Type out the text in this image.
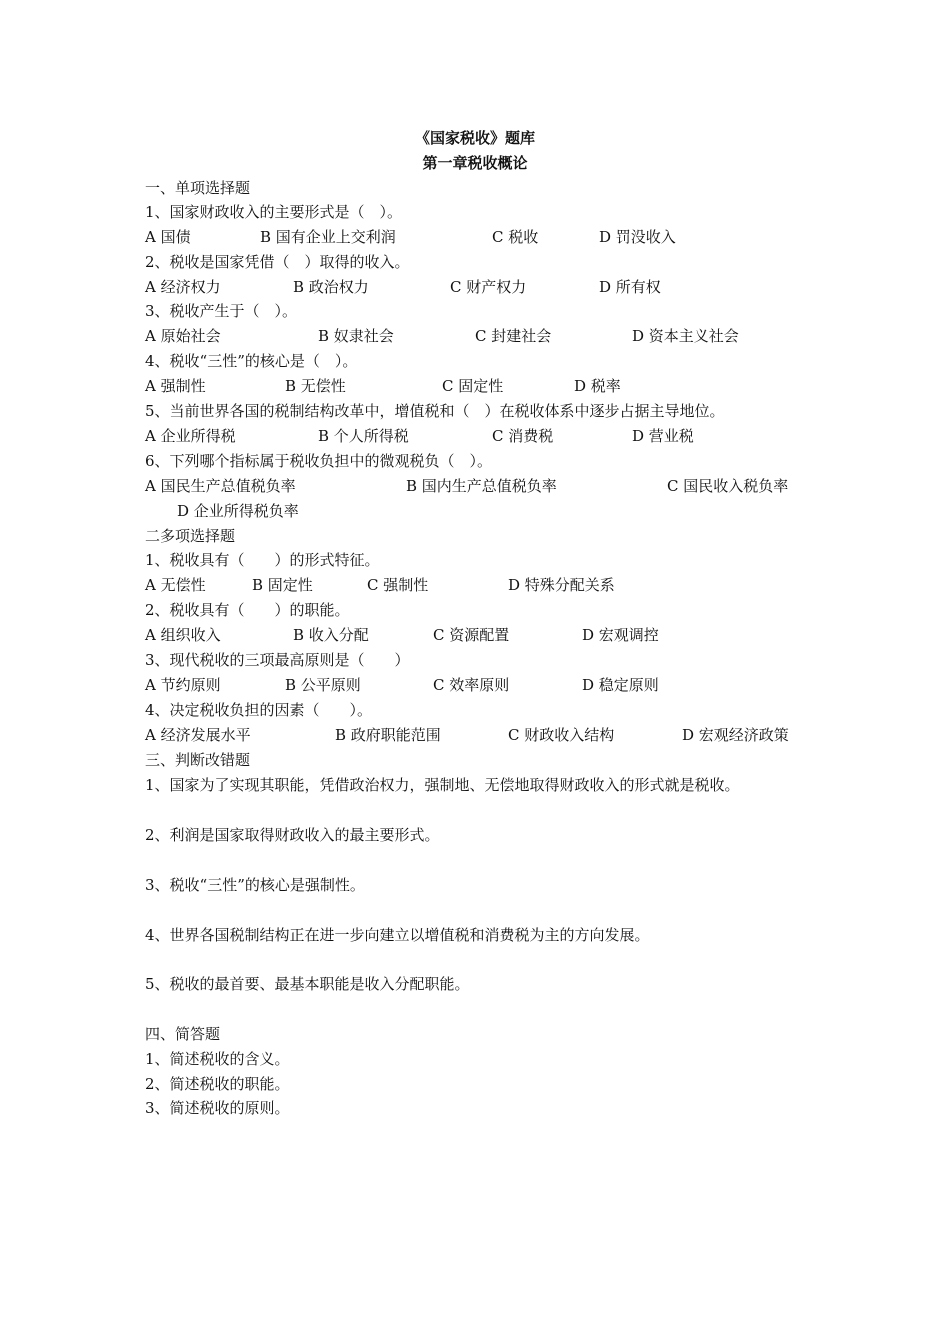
《国家税收》题库
第一章税收概论
一、单项选择题
1、国家财政收入的主要形式是（　）。
A 国债	B 国有企业上交利润	C 税收	D 罚没收入
2、税收是国家凭借（　）取得的收入。
A 经济权力	B 政治权力	C 财产权力	D 所有权
3、税收产生于（　）。
A 原始社会	B 奴隶社会	C 封建社会	D 资本主义社会
4、税收“三性”的核心是（　）。
A 强制性	B 无偿性	C 固定性	D 税率
5、当前世界各国的税制结构改革中，增值税和（　）在税收体系中逐步占据主导地位。
A 企业所得税	B 个人所得税	C 消费税	D 营业税
6、下列哪个指标属于税收负担中的微观税负（　）。
A 国民生产总值税负率	B 国内生产总值税负率	C 国民收入税负率
D 企业所得税负率
二多项选择题
1、税收具有（　　）的形式特征。
A 无偿性	B 固定性	C 强制性	D 特殊分配关系
2、税收具有（　　）的职能。
A 组织收入	B 收入分配	C 资源配置	D 宏观调控
3、现代税收的三项最高原则是（　　）
A 节约原则	B 公平原则	C 效率原则	D 稳定原则
4、决定税收负担的因素（　　）。
A 经济发展水平	B 政府职能范围	C 财政收入结构	D 宏观经济政策
三、判断改错题
1、国家为了实现其职能，凭借政治权力，强制地、无偿地取得财政收入的形式就是税收。
2、利润是国家取得财政收入的最主要形式。
3、税收“三性”的核心是强制性。
4、世界各国税制结构正在进一步向建立以增值税和消费税为主的方向发展。
5、税收的最首要、最基本职能是收入分配职能。
四、简答题
1、简述税收的含义。
2、简述税收的职能。
3、简述税收的原则。
